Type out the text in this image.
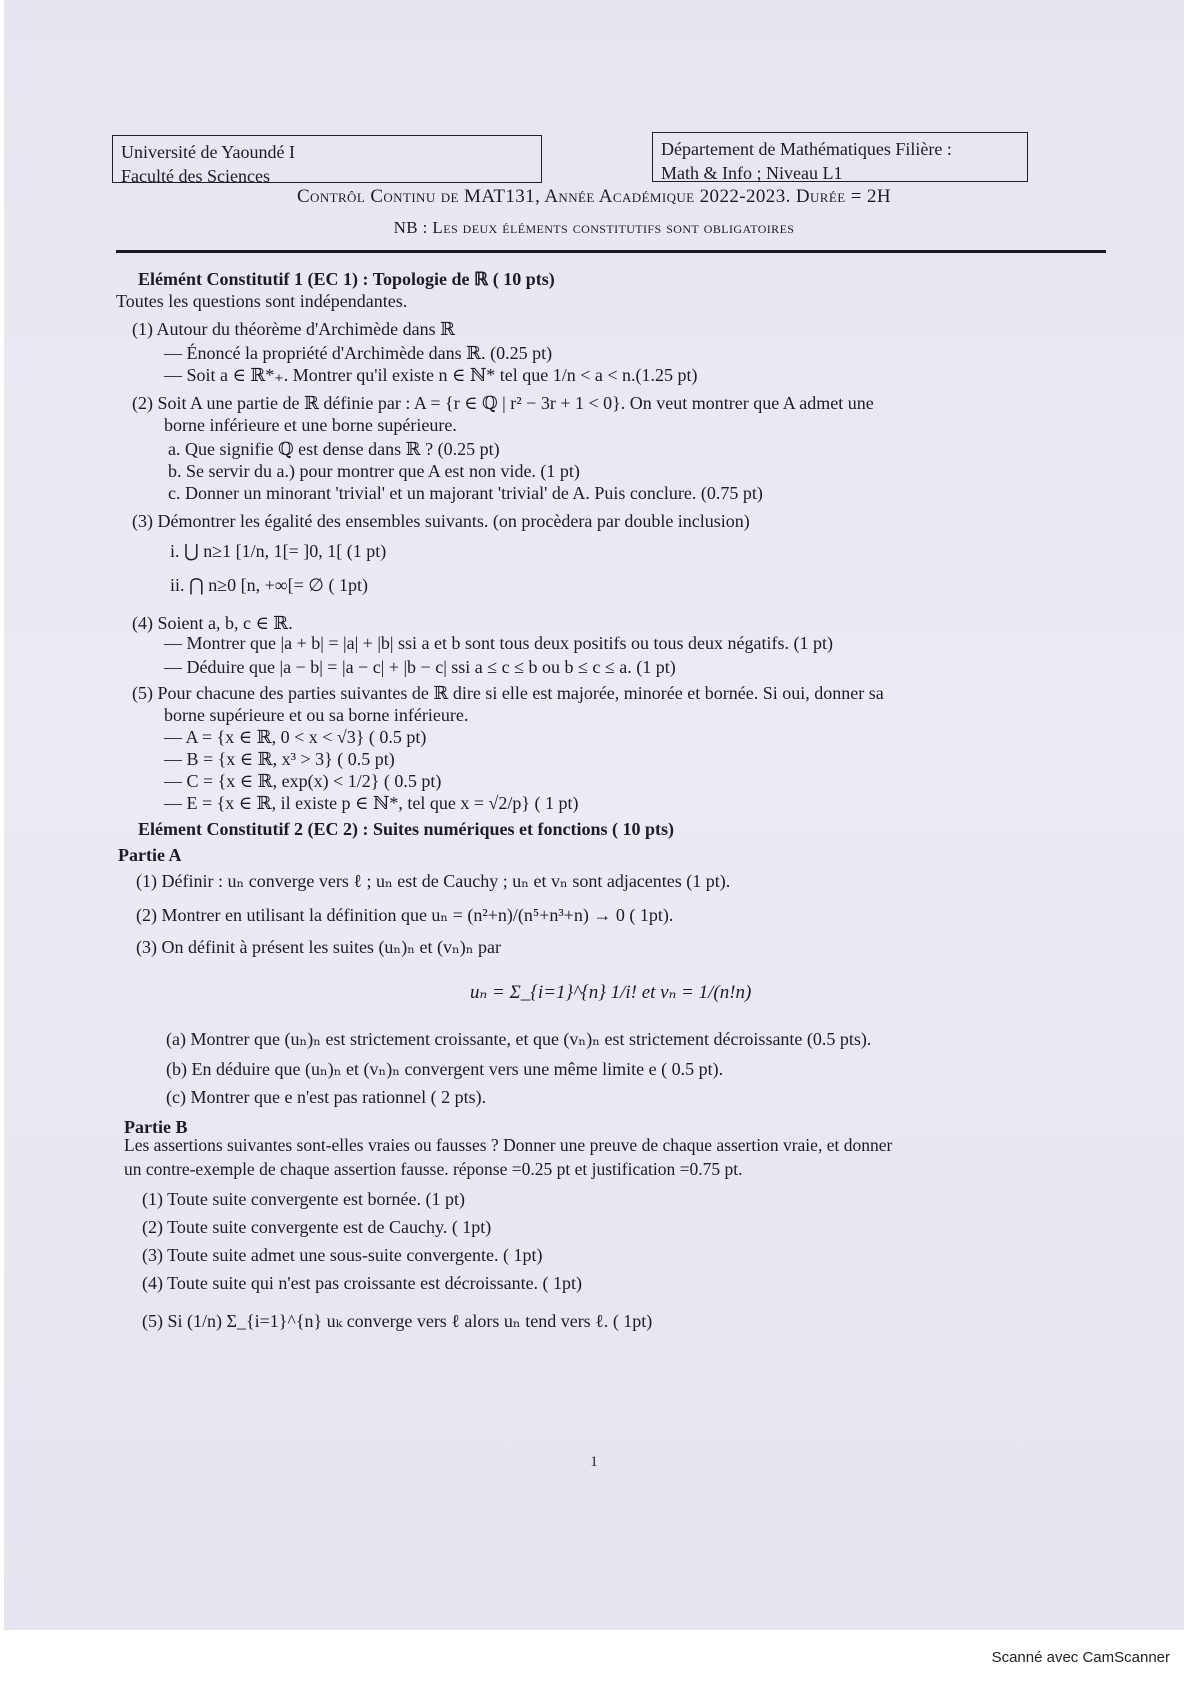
Université de Yaoundé I
Faculté des Sciences
Département de Mathématiques Filière :
Math & Info ; Niveau L1
Contrôl Continu de MAT131, Année Académique 2022-2023. Durée = 2H
NB : Les deux éléments constitutifs sont obligatoires
Elémént Constitutif 1 (EC 1) : Topologie de ℝ ( 10 pts)
Toutes les questions sont indépendantes.
(1) Autour du théorème d'Archimède dans ℝ
— Énoncé la propriété d'Archimède dans ℝ. (0.25 pt)
— Soit a ∈ ℝ*₊. Montrer qu'il existe n ∈ ℕ* tel que 1/n < a < n.(1.25 pt)
(2) Soit A une partie de ℝ définie par : A = {r ∈ ℚ | r² − 3r + 1 < 0}. On veut montrer que A admet une
borne inférieure et une borne supérieure.
a. Que signifie ℚ est dense dans ℝ ? (0.25 pt)
b. Se servir du a.) pour montrer que A est non vide. (1 pt)
c. Donner un minorant 'trivial' et un majorant 'trivial' de A. Puis conclure. (0.75 pt)
(3) Démontrer les égalité des ensembles suivants. (on procèdera par double inclusion)
i. ⋃ n≥1 [1/n, 1[= ]0, 1[ (1 pt)
ii. ⋂ n≥0 [n, +∞[= ∅ ( 1pt)
(4) Soient a, b, c ∈ ℝ.
— Montrer que |a + b| = |a| + |b| ssi a et b sont tous deux positifs ou tous deux négatifs. (1 pt)
— Déduire que |a − b| = |a − c| + |b − c| ssi a ≤ c ≤ b ou b ≤ c ≤ a. (1 pt)
(5) Pour chacune des parties suivantes de ℝ dire si elle est majorée, minorée et bornée. Si oui, donner sa
borne supérieure et ou sa borne inférieure.
— A = {x ∈ ℝ, 0 < x < √3} ( 0.5 pt)
— B = {x ∈ ℝ, x³ > 3} ( 0.5 pt)
— C = {x ∈ ℝ, exp(x) < 1/2} ( 0.5 pt)
— E = {x ∈ ℝ, il existe p ∈ ℕ*, tel que x = √2/p} ( 1 pt)
Elément Constitutif 2 (EC 2) : Suites numériques et fonctions ( 10 pts)
Partie A
(1) Définir : uₙ converge vers ℓ ; uₙ est de Cauchy ; uₙ et vₙ sont adjacentes (1 pt).
(2) Montrer en utilisant la définition que uₙ = (n²+n)/(n⁵+n³+n) → 0 ( 1pt).
(3) On définit à présent les suites (uₙ)ₙ et (vₙ)ₙ par
uₙ = Σ_{i=1}^{n} 1/i! et vₙ = 1/(n!n)
(a) Montrer que (uₙ)ₙ est strictement croissante, et que (vₙ)ₙ est strictement décroissante (0.5 pts).
(b) En déduire que (uₙ)ₙ et (vₙ)ₙ convergent vers une même limite e ( 0.5 pt).
(c) Montrer que e n'est pas rationnel ( 2 pts).
Partie B
Les assertions suivantes sont-elles vraies ou fausses ? Donner une preuve de chaque assertion vraie, et donner
un contre-exemple de chaque assertion fausse. réponse =0.25 pt et justification =0.75 pt.
(1) Toute suite convergente est bornée. (1 pt)
(2) Toute suite convergente est de Cauchy. ( 1pt)
(3) Toute suite admet une sous-suite convergente. ( 1pt)
(4) Toute suite qui n'est pas croissante est décroissante. ( 1pt)
(5) Si (1/n) Σ_{i=1}^{n} uₖ converge vers ℓ alors uₙ tend vers ℓ. ( 1pt)
1
Scanné avec CamScanner
